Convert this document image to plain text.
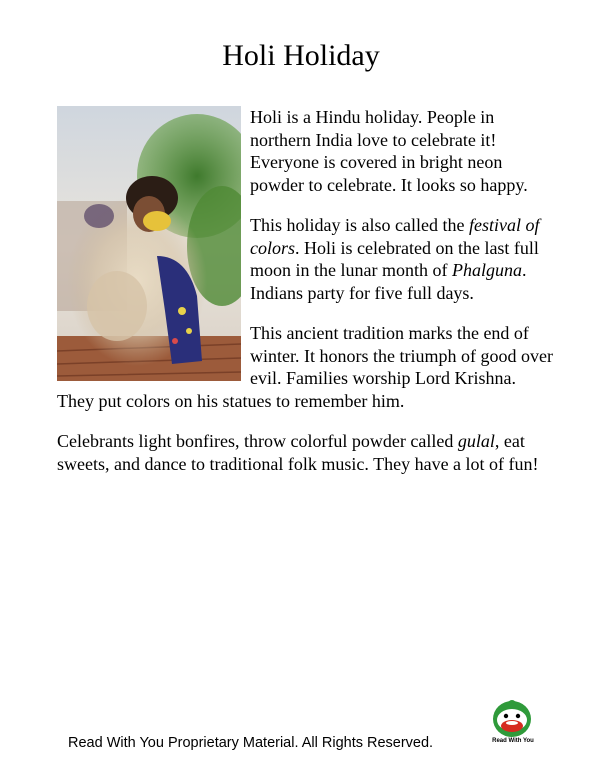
Holi Holiday

Holi is a Hindu holiday. People in northern India love to celebrate it! Everyone is covered in bright neon powder to celebrate. It looks so happy.

This holiday is also called the festival of colors. Holi is celebrated on the last full moon in the lunar month of Phalguna. Indians party for five full days.

This ancient tradition marks the end of winter. It honors the triumph of good over evil. Families worship Lord Krishna. They put colors on his statues to remember him.

Celebrants light bonfires, throw colorful powder called gulal, eat sweets, and dance to traditional folk music. They have a lot of fun!

Read With You Proprietary Material. All Rights Reserved.	Read With You
